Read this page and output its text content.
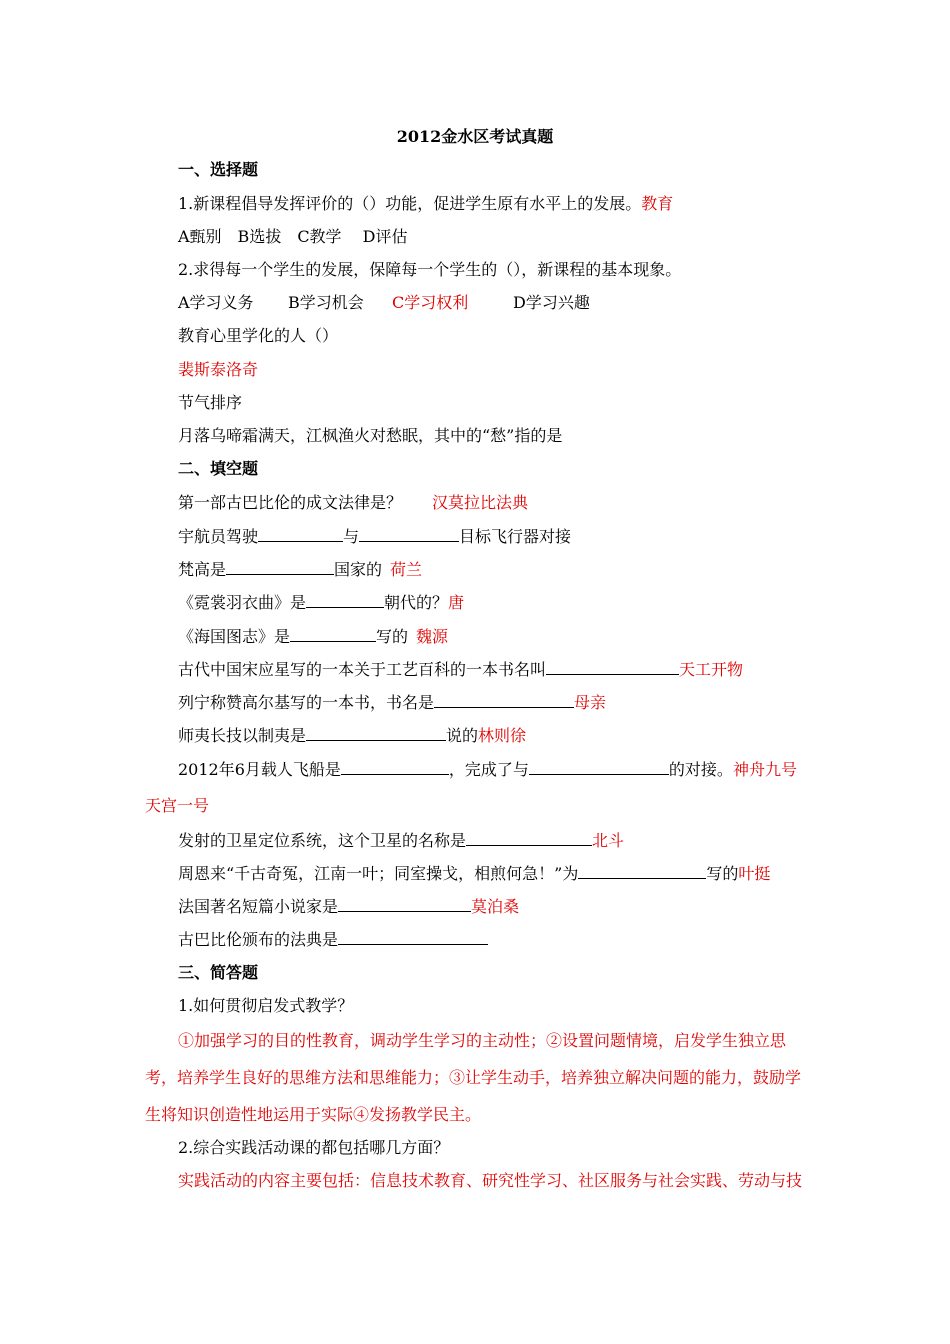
2012金水区考试真题
一、选择题
1.新课程倡导发挥评价的（）功能，促进学生原有水平上的发展。教育
A甄别　B选拔　C教学　 D评估
2.求得每一个学生的发展，保障每一个学生的（），新课程的基本现象。
A学习义务 B学习机会 C学习权利	D学习兴趣
教育心里学化的人（）
裴斯泰洛奇
节气排序
月落乌啼霜满天，江枫渔火对愁眠，其中的“愁”指的是
二、填空题
第一部古巴比伦的成文法律是？ 汉莫拉比法典
宇航员驾驶	与	目标飞行器对接
梵高是	国家的 荷兰
《霓裳羽衣曲》是	朝代的？唐
《海国图志》是	写的 魏源
古代中国宋应星写的一本关于工艺百科的一本书名叫	天工开物
列宁称赞高尔基写的一本书，书名是	母亲
师夷长技以制夷是	说的林则徐
2012年6月载人飞船是	，完成了与	的对接。神舟九号
天宫一号
发射的卫星定位系统，这个卫星的名称是	北斗
周恩来“千古奇冤，江南一叶；同室操戈，相煎何急！”为	写的叶挺
法国著名短篇小说家是	莫泊桑
古巴比伦颁布的法典是
三、简答题
1.如何贯彻启发式教学？
①加强学习的目的性教育，调动学生学习的主动性；②设置问题情境，启发学生独立思考，培养学生良好的思维方法和思维能力；③让学生动手，培养独立解决问题的能力，鼓励学生将知识创造性地运用于实际④发扬教学民主。
2.综合实践活动课的都包括哪几方面？
实践活动的内容主要包括：信息技术教育、研究性学习、社区服务与社会实践、劳动与技
